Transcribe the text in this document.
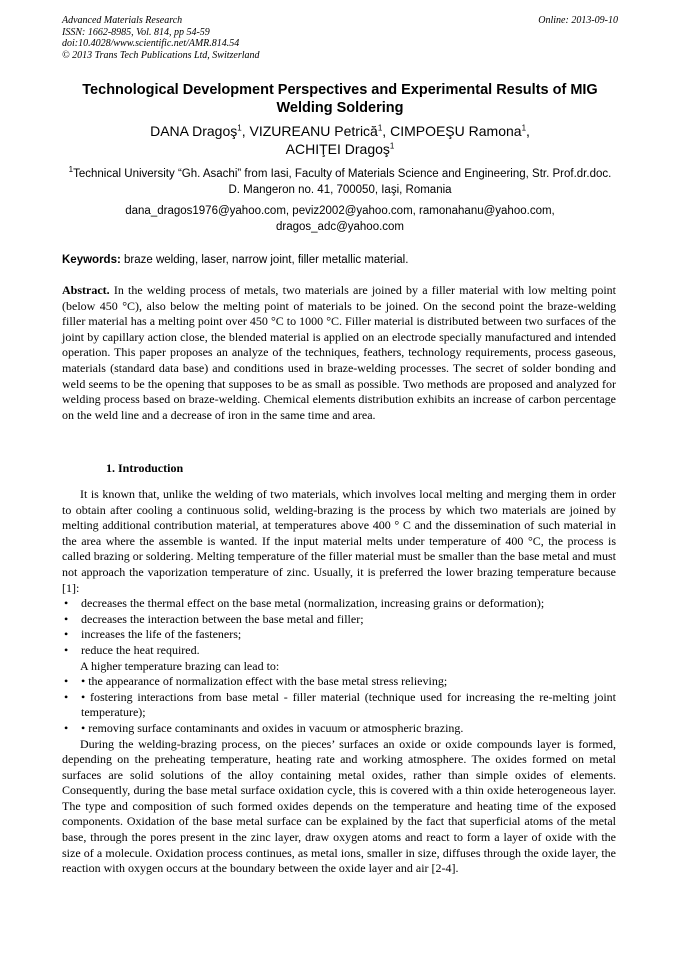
Advanced Materials Research
ISSN: 1662-8985, Vol. 814, pp 54-59
doi:10.4028/www.scientific.net/AMR.814.54
© 2013 Trans Tech Publications Ltd, Switzerland
Online: 2013-09-10
Technological Development Perspectives and Experimental Results of MIG Welding Soldering
DANA Dragoş$^1$, VIZUREANU Petrică$^1$, CIMPOEŞU Ramona$^1$,
ACHIŢEI Dragoş$^1$
$^1$Technical University “Gh. Asachi” from Iasi, Faculty of Materials Science and Engineering, Str. Prof.dr.doc. D. Mangeron no. 41, 700050, Iaşi, Romania
dana_dragos1976@yahoo.com, peviz2002@yahoo.com, ramonahanu@yahoo.com, dragos_adc@yahoo.com
Keywords: braze welding, laser, narrow joint, filler metallic material.
Abstract. In the welding process of metals, two materials are joined by a filler material with low melting point (below 450 °C), also below the melting point of materials to be joined. On the second point the braze-welding filler material has a melting point over 450 °C to 1000 °C. Filler material is distributed between two surfaces of the joint by capillary action close, the blended material is applied on an electrode specially manufactured and intended operation. This paper proposes an analyze of the techniques, feathers, technology requirements, process gaseous, materials (standard data base) and conditions used in braze-welding processes. The secret of solder bonding and weld seems to be the opening that supposes to be as small as possible. Two methods are proposed and analyzed for welding process based on braze-welding. Chemical elements distribution exhibits an increase of carbon percentage on the weld line and a decrease of iron in the same time and area.
1. Introduction

It is known that, unlike the welding of two materials, which involves local melting and merging them in order to obtain after cooling a continuous solid, welding-brazing is the process by which two materials are joined by melting additional contribution material, at temperatures above 400 ° C and the dissemination of such material in the area where the assemble is wanted. If the input material melts under temperature of 400 °C, the process is called brazing or soldering. Melting temperature of the filler material must be smaller than the base metal and must not approach the vaporization temperature of zinc. Usually, it is preferred the lower brazing temperature because [1]:

• decreases the thermal effect on the base metal (normalization, increasing grains or deformation);
• decreases the interaction between the base metal and filler;
• increases the life of the fasteners;
• reduce the heat required.

A higher temperature brazing can lead to:

• • the appearance of normalization effect with the base metal stress relieving;
• • fostering interactions from base metal - filler material (technique used for increasing the re-melting joint temperature);
• • removing surface contaminants and oxides in vacuum or atmospheric brazing.

During the welding-brazing process, on the pieces’ surfaces an oxide or oxide compounds layer is formed, depending on the preheating temperature, heating rate and working atmosphere. The oxides formed on metal surfaces are solid solutions of the alloy containing metal oxides, rather than simple oxides of elements. Consequently, during the base metal surface oxidation cycle, this is covered with a thin oxide heterogeneous layer. The type and composition of such formed oxides depends on the temperature and heating time of the exposed components. Oxidation of the base metal surface can be explained by the fact that superficial atoms of the metal base, through the pores present in the zinc layer, draw oxygen atoms and react to form a layer of oxide with the size of a molecule. Oxidation process continues, as metal ions, smaller in size, diffuses through the oxide layer, the reaction with oxygen occurs at the boundary between the oxide layer and air [2-4].
